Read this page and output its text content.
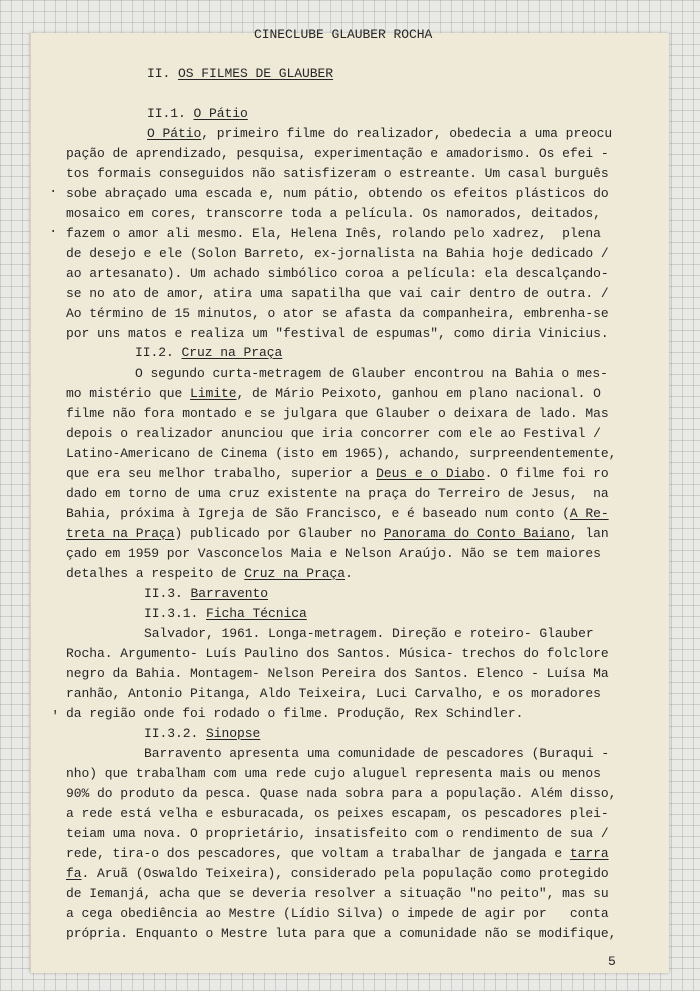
CINECLUBE GLAUBER ROCHA
II. OS FILMES DE GLAUBER
II.1. O Pátio
O Pátio, primeiro filme do realizador, obedecia a uma preocu
pação de aprendizado, pesquisa, experimentação e amadorismo. Os efei -
tos formais conseguidos não satisfizeram o estreante. Um casal burguês
sobe abraçado uma escada e, num pátio, obtendo os efeitos plásticos do
mosaico em cores, transcorre toda a película. Os namorados, deitados,
fazem o amor ali mesmo. Ela, Helena Inês, rolando pelo xadrez,  plena
de desejo e ele (Solon Barreto, ex-jornalista na Bahia hoje dedicado /
ao artesanato). Um achado simbólico coroa a película: ela descalçando-
se no ato de amor, atira uma sapatilha que vai cair dentro de outra. /
Ao término de 15 minutos, o ator se afasta da companheira, embrenha-se
por uns matos e realiza um "festival de espumas", como diria Vinicius.
II.2. Cruz na Praça
O segundo curta-metragem de Glauber encontrou na Bahia o mes-
mo mistério que Limite, de Mário Peixoto, ganhou em plano nacional. O
filme não fora montado e se julgara que Glauber o deixara de lado. Mas
depois o realizador anunciou que iria concorrer com ele ao Festival /
Latino-Americano de Cinema (isto em 1965), achando, surpreendentemente,
que era seu melhor trabalho, superior a Deus e o Diabo. O filme foi ro
dado em torno de uma cruz existente na praça do Terreiro de Jesus,  na
Bahia, próxima à Igreja de São Francisco, e é baseado num conto (A Re-
treta na Praça) publicado por Glauber no Panorama do Conto Baiano, lan
çado em 1959 por Vasconcelos Maia e Nelson Araújo. Não se tem maiores
detalhes a respeito de Cruz na Praça.
II.3. Barravento
II.3.1. Ficha Técnica
Salvador, 1961. Longa-metragem. Direção e roteiro- Glauber
Rocha. Argumento- Luís Paulino dos Santos. Música- trechos do folclore
negro da Bahia. Montagem- Nelson Pereira dos Santos. Elenco - Luísa Ma
ranhão, Antonio Pitanga, Aldo Teixeira, Luci Carvalho, e os moradores
da região onde foi rodado o filme. Produção, Rex Schindler.
II.3.2. Sinopse
Barravento apresenta uma comunidade de pescadores (Buraqui -
nho) que trabalham com uma rede cujo aluguel representa mais ou menos
90% do produto da pesca. Quase nada sobra para a população. Além disso,
a rede está velha e esburacada, os peixes escapam, os pescadores plei-
teiam uma nova. O proprietário, insatisfeito com o rendimento de sua /
rede, tira-o dos pescadores, que voltam a trabalhar de jangada e tarra
fa. Aruã (Oswaldo Teixeira), considerado pela população como protegido
de Iemanjá, acha que se deveria resolver a situação "no peito", mas su
a cega obediência ao Mestre (Lídio Silva) o impede de agir por   conta
própria. Enquanto o Mestre luta para que a comunidade não se modifique,
.
.
'
5
